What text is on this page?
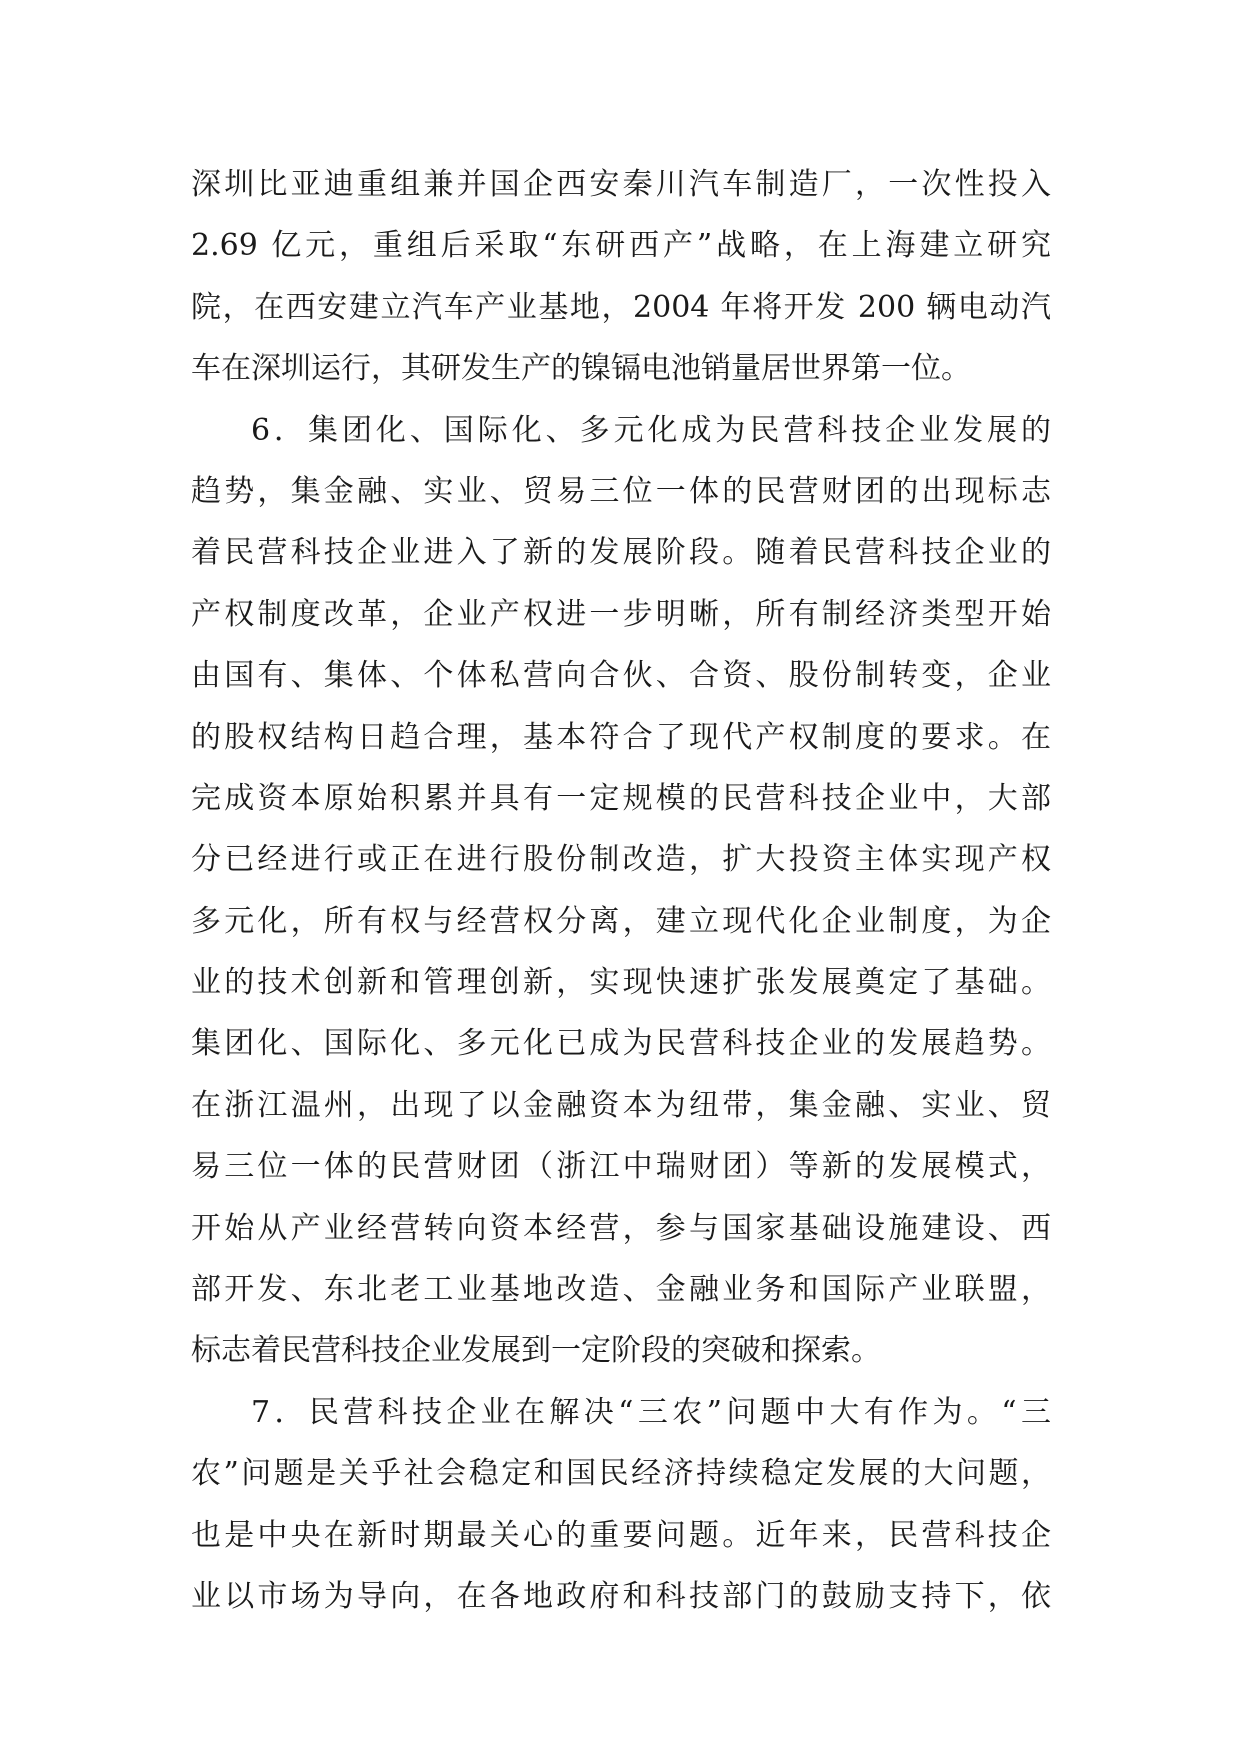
深圳比亚迪重组兼并国企西安秦川汽车制造厂，一次性投入
2.69 亿元，重组后采取“东研西产”战略，在上海建立研究
院，在西安建立汽车产业基地，2004 年将开发 200 辆电动汽
车在深圳运行，其研发生产的镍镉电池销量居世界第一位。
6．集团化、国际化、多元化成为民营科技企业发展的
趋势，集金融、实业、贸易三位一体的民营财团的出现标志
着民营科技企业进入了新的发展阶段。随着民营科技企业的
产权制度改革，企业产权进一步明晰，所有制经济类型开始
由国有、集体、个体私营向合伙、合资、股份制转变，企业
的股权结构日趋合理，基本符合了现代产权制度的要求。在
完成资本原始积累并具有一定规模的民营科技企业中，大部
分已经进行或正在进行股份制改造，扩大投资主体实现产权
多元化，所有权与经营权分离，建立现代化企业制度，为企
业的技术创新和管理创新，实现快速扩张发展奠定了基础。
集团化、国际化、多元化已成为民营科技企业的发展趋势。
在浙江温州，出现了以金融资本为纽带，集金融、实业、贸
易三位一体的民营财团（浙江中瑞财团）等新的发展模式，
开始从产业经营转向资本经营，参与国家基础设施建设、西
部开发、东北老工业基地改造、金融业务和国际产业联盟，
标志着民营科技企业发展到一定阶段的突破和探索。
7．民营科技企业在解决“三农”问题中大有作为。“三
农”问题是关乎社会稳定和国民经济持续稳定发展的大问题，
也是中央在新时期最关心的重要问题。近年来，民营科技企
业以市场为导向，在各地政府和科技部门的鼓励支持下，依
